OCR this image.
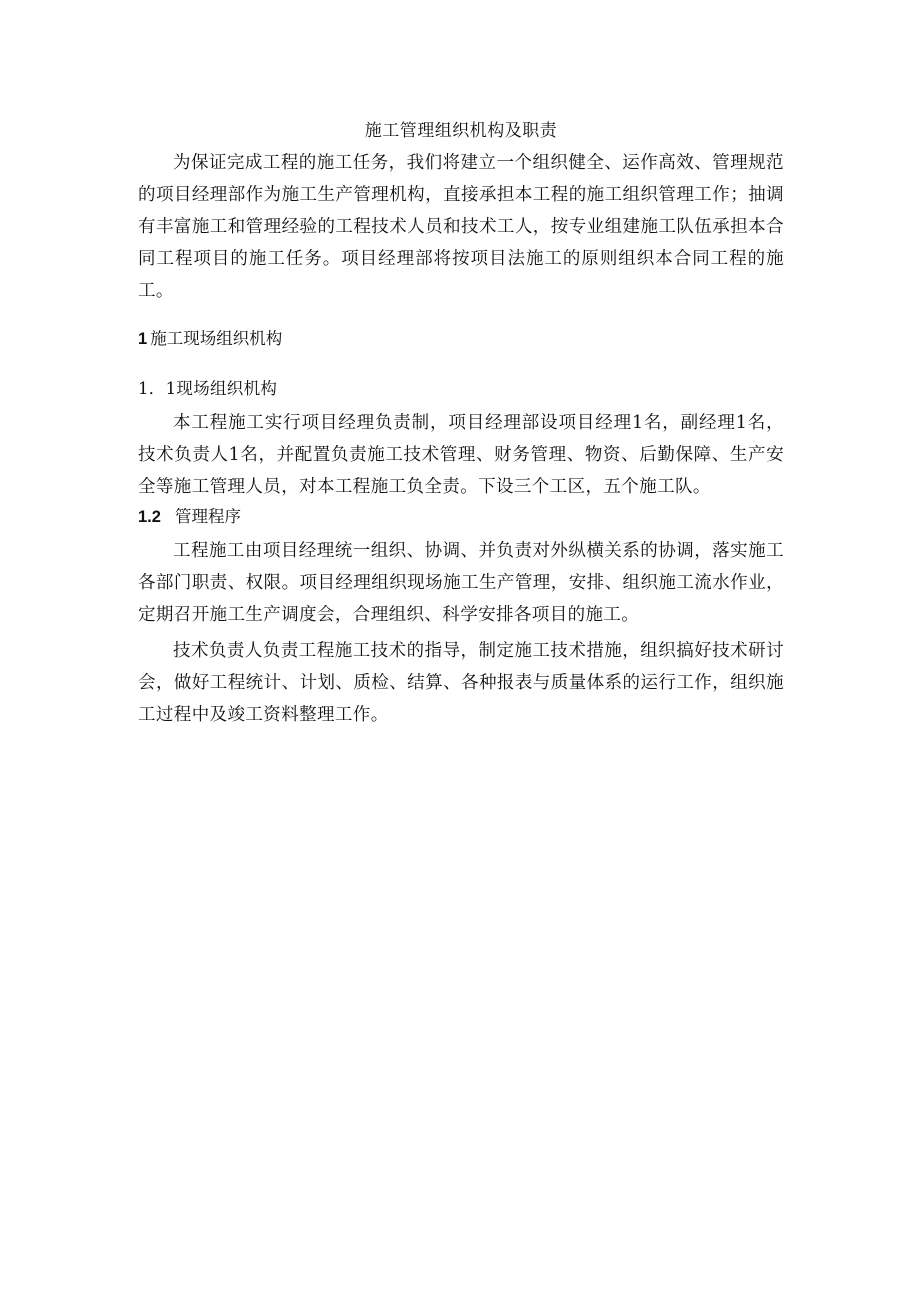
施工管理组织机构及职责

为保证完成工程的施工任务，我们将建立一个组织健全、运作高效、管理规范的项目经理部作为施工生产管理机构，直接承担本工程的施工组织管理工作；抽调有丰富施工和管理经验的工程技术人员和技术工人，按专业组建施工队伍承担本合同工程项目的施工任务。项目经理部将按项目法施工的原则组织本合同工程的施工。

1 施工现场组织机构
1．1现场组织机构

本工程施工实行项目经理负责制，项目经理部设项目经理1名，副经理1名，技术负责人1名，并配置负责施工技术管理、财务管理、物资、后勤保障、生产安全等施工管理人员，对本工程施工负全责。下设三个工区，五个施工队。

1.2 管理程序

工程施工由项目经理统一组织、协调、并负责对外纵横关系的协调，落实施工各部门职责、权限。项目经理组织现场施工生产管理，安排、组织施工流水作业，定期召开施工生产调度会，合理组织、科学安排各项目的施工。

技术负责人负责工程施工技术的指导，制定施工技术措施，组织搞好技术研讨会，做好工程统计、计划、质检、结算、各种报表与质量体系的运行工作，组织施工过程中及竣工资料整理工作。
